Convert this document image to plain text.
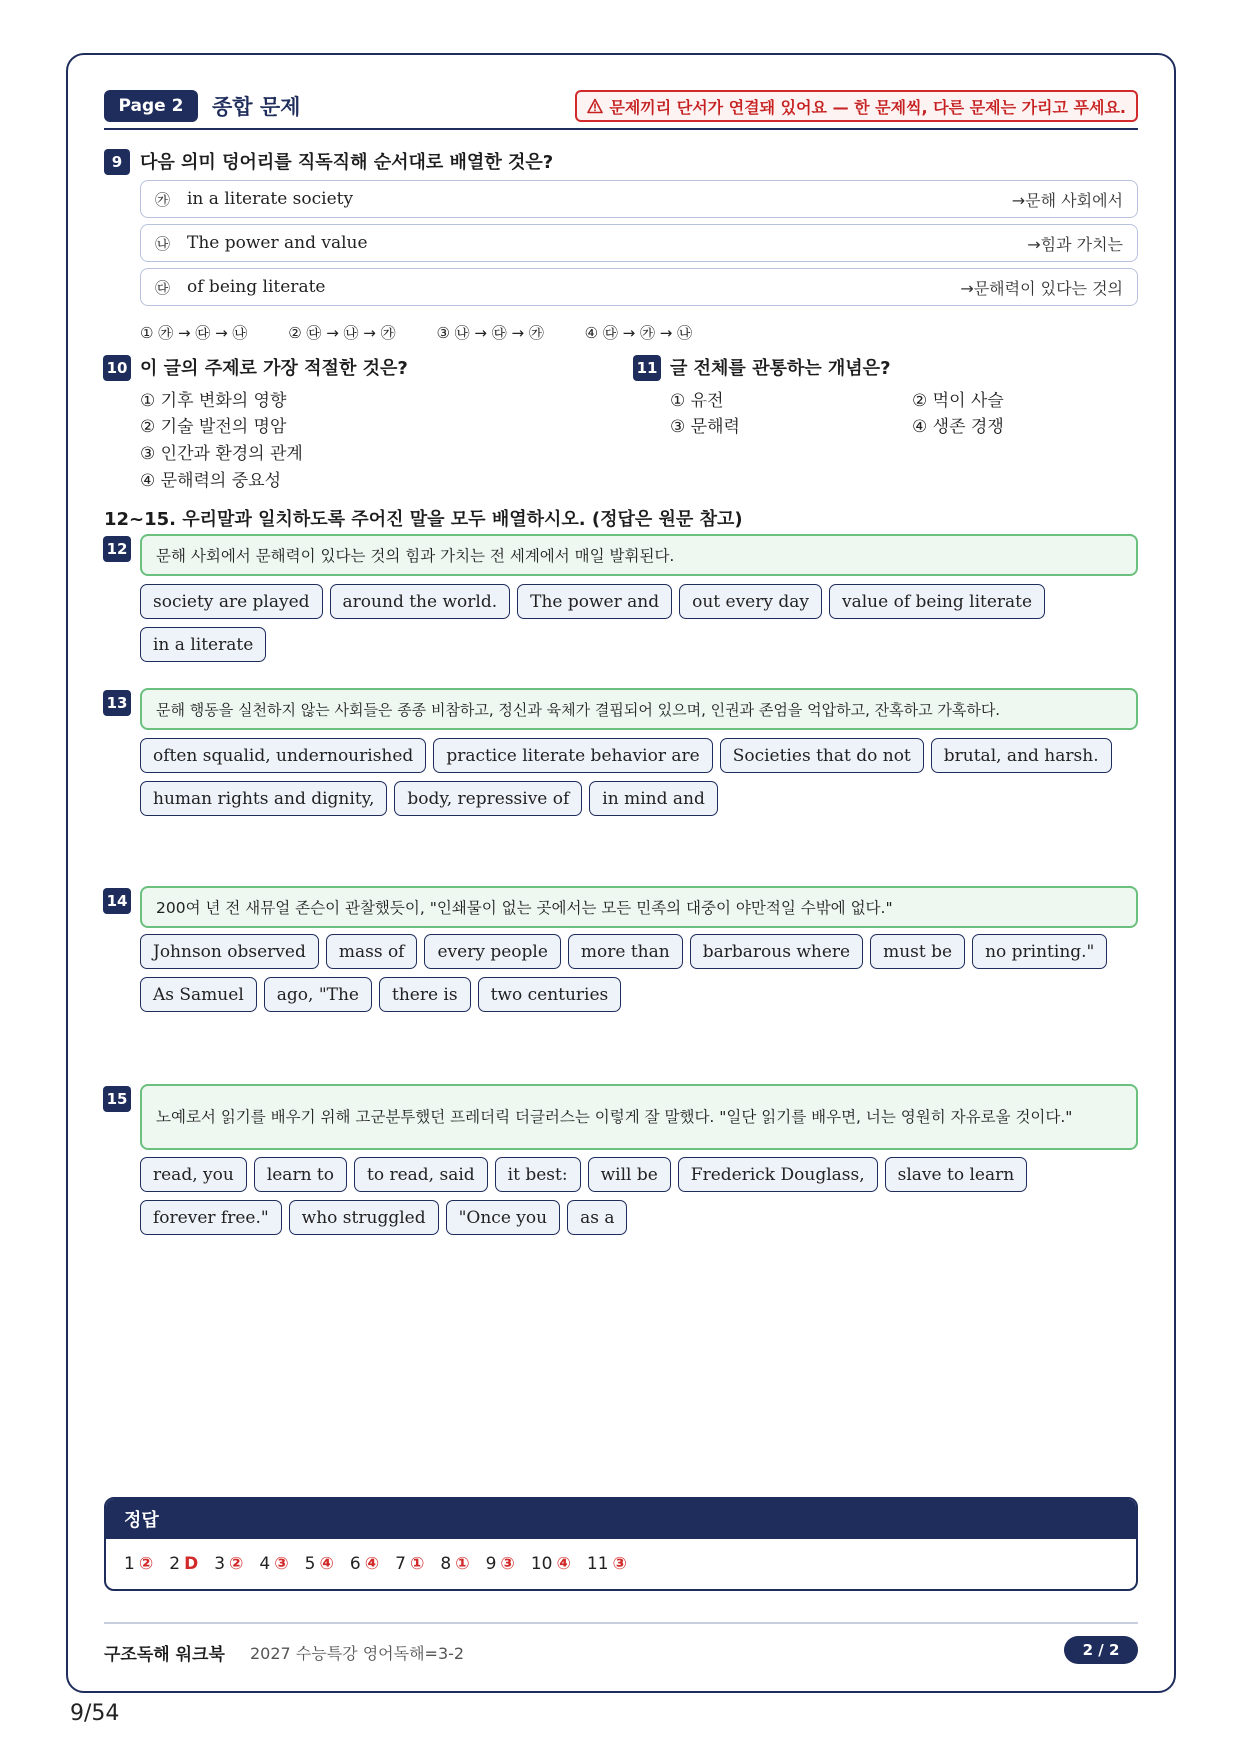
Page 2	종합 문제	문제끼리 단서가 연결돼 있어요 — 한 문제씩, 다른 문제는 가리고 푸세요.
9 다음 의미 덩어리를 직독직해 순서대로 배열한 것은?
㉮ in a literate society	→문해 사회에서
㉯ The power and value	→힘과 가치는
㉰ of being literate	→문해력이 있다는 것의
① ㉮ → ㉰ → ㉯	② ㉰ → ㉯ → ㉮	③ ㉯ → ㉰ → ㉮	④ ㉰ → ㉮ → ㉯
10 이 글의 주제로 가장 적절한 것은?
① 기후 변화의 영향
② 기술 발전의 명암
③ 인간과 환경의 관계
④ 문해력의 중요성
11 글 전체를 관통하는 개념은?
① 유전	② 먹이 사슬
③ 문해력	④ 생존 경쟁
12~15. 우리말과 일치하도록 주어진 말을 모두 배열하시오. (정답은 원문 참고)
12 문해 사회에서 문해력이 있다는 것의 힘과 가치는 전 세계에서 매일 발휘된다.
society are played	around the world.	The power and	out every day	value of being literate
in a literate
13 문해 행동을 실천하지 않는 사회들은 종종 비참하고, 정신과 육체가 결핍되어 있으며, 인권과 존엄을 억압하고, 잔혹하고 가혹하다.
often squalid, undernourished	practice literate behavior are	Societies that do not	brutal, and harsh.
human rights and dignity,	body, repressive of	in mind and
14 200여 년 전 새뮤얼 존슨이 관찰했듯이, "인쇄물이 없는 곳에서는 모든 민족의 대중이 야만적일 수밖에 없다."
Johnson observed	mass of	every people	more than	barbarous where	must be	no printing."
As Samuel	ago, "The	there is	two centuries
15
노예로서 읽기를 배우기 위해 고군분투했던 프레더릭 더글러스는 이렇게 잘 말했다. "일단 읽기를 배우면, 너는 영원히 자유로울 것이다."
read, you	learn to	to read, said	it best:	will be	Frederick Douglass,	slave to learn
forever free."	who struggled	"Once you	as a
정답
1 ② 2 D 3 ② 4 ③ 5 ④ 6 ④ 7 ① 8 ① 9 ③ 10 ④ 11 ③
구조독해 워크북 2027 수능특강 영어독해=3-2	2 / 2
9/54
